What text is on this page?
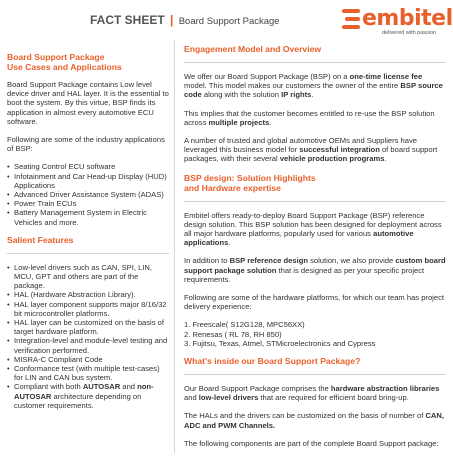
FACT SHEET | Board Support Package	embitel
delivered with passion
Board Support Package
Use Cases and Applications

Board Support Package contains Low level device driver and HAL layer. It is the essential to boot the system. By this virtue, BSP finds its application in almost every automotive ECU software.

Following are some of the industry applications of BSP:

• Seating Control ECU software
• Infotainment and Car Head-up Display (HUD) Applications
• Advanced Driver Assistance System (ADAS)
• Power Train ECUs
• Battery Management System in Electric Vehicles and more.
Salient Features
• Low-level drivers such as CAN, SPI, LIN, MCU, GPT and others are part of the package.
• HAL (Hardware Abstraction Library).
• HAL layer component supports major 8/16/32 bit microcontroller platforms.
• HAL layer can be customized on the basis of target hardware platform.
• Integration-level and module-level testing and verification performed.
• MISRA-C Compliant Code
• Conformance test (with multiple test-cases) for LIN and CAN bus system.
• Compliant with both AUTOSAR and non-AUTOSAR architecture depending on customer requirements.
Engagement Model and Overview

We offer our Board Support Package (BSP) on a one-time license fee model. This model makes our customers the owner of the entire BSP source code along with the solution IP rights.

This implies that the customer becomes entitled to re-use the BSP solution across multiple projects.

A number of trusted and global automotive OEMs and Suppliers have leveraged this business model for successful integration of board support packages, with their several vehicle production programs.

BSP design: Solution Highlights
and Hardware expertise

Embitel offers ready-to-deploy Board Support Package (BSP) reference design solution. This BSP solution has been designed for deployment across all major hardware platforms, popularly used for various automotive applications.

In addition to BSP reference design solution, we also provide custom board support package solution that is designed as per your specific project requirements.

Following are some of the hardware platforms, for which our team has project delivery experience:

1. Freescale( S12G128, MPC56XX)
2. Renesas ( RL 78, RH 850)
3. Fujitsu, Texas, Atmel, STMicroelectronics and Cypress
What's inside our Board Support Package?

Our Board Support Package comprises the hardware abstraction libraries and low-level drivers that are required for efficient board bring-up.

The HALs and the drivers can be customized on the basis of number of CAN, ADC and PWM Channels.

The following components are part of the complete Board Support package:
